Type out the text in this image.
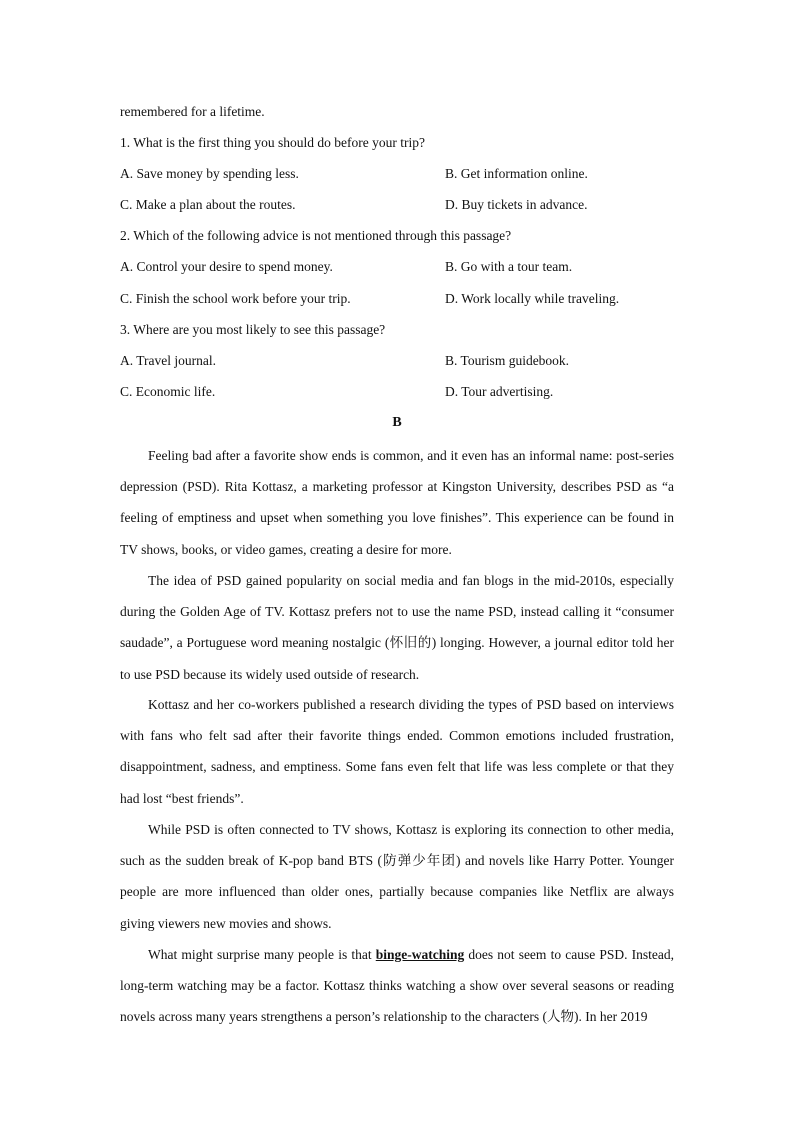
remembered for a lifetime.
1. What is the first thing you should do before your trip?
A. Save money by spending less.	B. Get information online.
C. Make a plan about the routes.	D. Buy tickets in advance.
2. Which of the following advice is not mentioned through this passage?
A. Control your desire to spend money.	B. Go with a tour team.
C. Finish the school work before your trip.	D. Work locally while traveling.
3. Where are you most likely to see this passage?
A. Travel journal.	B. Tourism guidebook.
C. Economic life.	D. Tour advertising.
B

Feeling bad after a favorite show ends is common, and it even has an informal name: post-series depression (PSD). Rita Kottasz, a marketing professor at Kingston University, describes PSD as “a feeling of emptiness and upset when something you love finishes”. This experience can be found in TV shows, books, or video games, creating a desire for more.

The idea of PSD gained popularity on social media and fan blogs in the mid-2010s, especially during the Golden Age of TV. Kottasz prefers not to use the name PSD, instead calling it “consumer saudade”, a Portuguese word meaning nostalgic (怀旧的) longing. However, a journal editor told her to use PSD because its widely used outside of research.

Kottasz and her co-workers published a research dividing the types of PSD based on interviews with fans who felt sad after their favorite things ended. Common emotions included frustration, disappointment, sadness, and emptiness. Some fans even felt that life was less complete or that they had lost “best friends”.

While PSD is often connected to TV shows, Kottasz is exploring its connection to other media, such as the sudden break of K-pop band BTS (防弹少年团) and novels like Harry Potter. Younger people are more influenced than older ones, partially because companies like Netflix are always giving viewers new movies and shows.

What might surprise many people is that binge-watching does not seem to cause PSD. Instead, long-term watching may be a factor. Kottasz thinks watching a show over several seasons or reading novels across many years strengthens a person’s relationship to the characters (人物). In her 2019
